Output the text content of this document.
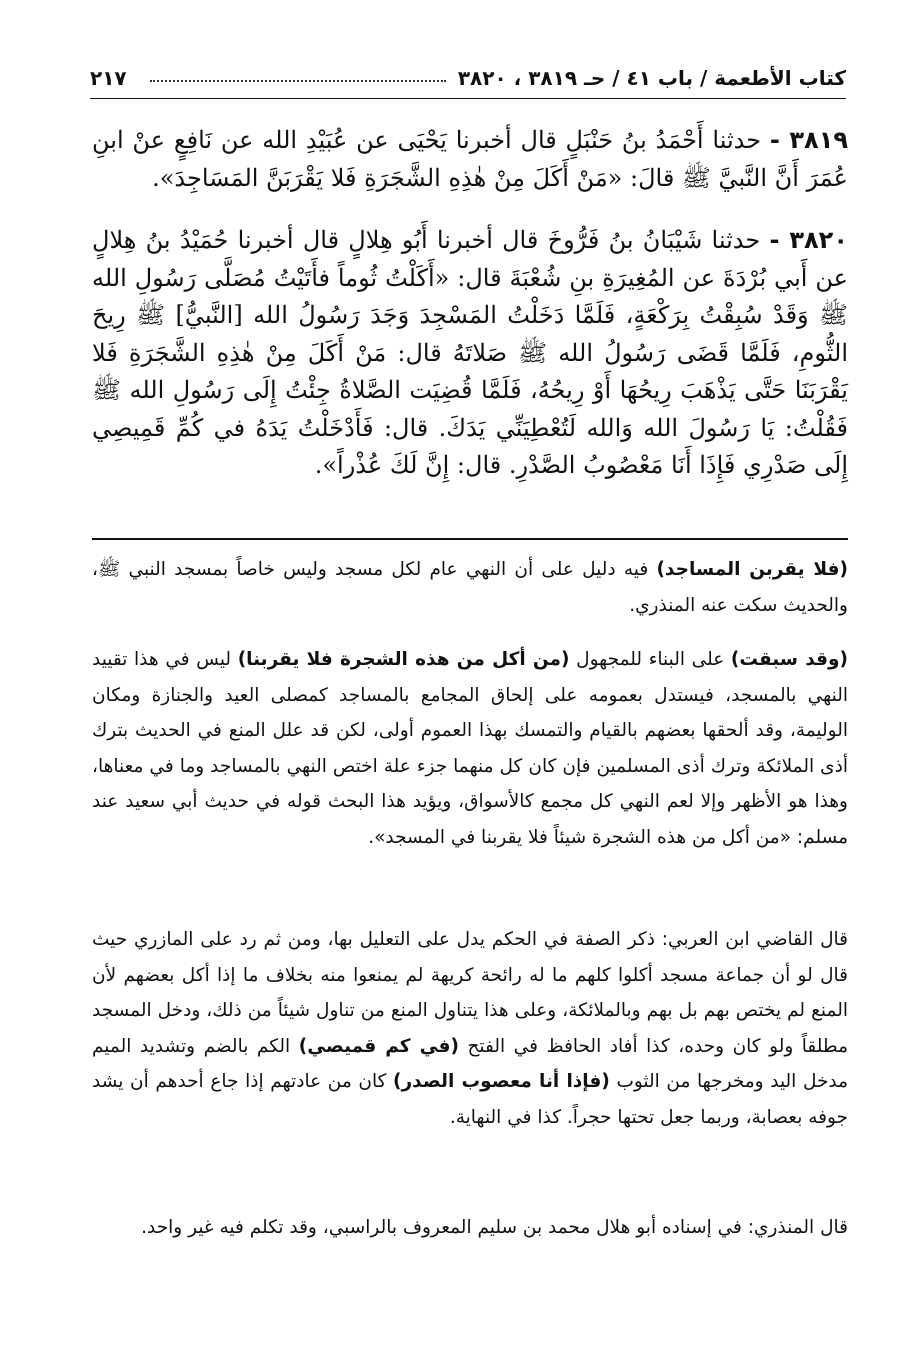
كتاب الأطعمة / باب ٤١ / حـ ٣٨١٩ ، ٣٨٢٠
٢١٧

٣٨١٩ - حدثنا أَحْمَدُ بنُ حَنْبَلٍ قال أخبرنا يَحْيَى عن عُبَيْدِ الله عن نَافِعٍ عنْ ابنِ عُمَرَ أَنَّ النَّبيَّ ﷺ قالَ: «مَنْ أَكَلَ مِنْ هٰذِهِ الشَّجَرَةِ فَلا يَقْرَبَنَّ المَسَاجِدَ».

٣٨٢٠ - حدثنا شَيْبَانُ بنُ فَرُّوخَ قال أخبرنا أَبُو هِلالٍ قال أخبرنا حُمَيْدُ بنُ هِلالٍ عن أَبي بُرْدَةَ عن المُغِيرَةِ بنِ شُعْبَةَ قال: «أَكَلْتُ ثُوماً فأَتَيْتُ مُصَلَّى رَسُولِ الله ﷺ وَقَدْ سُبِقْتُ بِرَكْعَةٍ، فَلَمَّا دَخَلْتُ المَسْجِدَ وَجَدَ رَسُولُ الله [النَّبيُّ] ﷺ رِيحَ الثُّومِ، فَلَمَّا قَضَى رَسُولُ الله ﷺ صَلاتَهُ قال: مَنْ أَكَلَ مِنْ هٰذِهِ الشَّجَرَةِ فَلا يَقْرَبَنَا حَتَّى يَذْهَبَ رِيحُهَا أَوْ رِيحُهُ، فَلَمَّا قُضِيَت الصَّلاةُ جِئْتُ إِلَى رَسُولِ الله ﷺ فَقُلْتُ: يَا رَسُولَ الله وَالله لَتُعْطِيَنِّي يَدَكَ. قال: فَأَدْخَلْتُ يَدَهُ في كُمِّ قَمِيصِي إِلَى صَدْرِي فَإِذَا أَنَا مَعْصُوبُ الصَّدْرِ. قال: إِنَّ لَكَ عُذْراً».

(فلا يقربن المساجد) فيه دليل على أن النهي عام لكل مسجد وليس خاصاً بمسجد النبي ﷺ، والحديث سكت عنه المنذري.

(وقد سبقت) على البناء للمجهول (من أكل من هذه الشجرة فلا يقربنا) ليس في هذا تقييد النهي بالمسجد، فيستدل بعمومه على إلحاق المجامع بالمساجد كمصلى العيد والجنازة ومكان الوليمة، وقد ألحقها بعضهم بالقيام والتمسك بهذا العموم أولى، لكن قد علل المنع في الحديث بترك أذى الملائكة وترك أذى المسلمين فإن كان كل منهما جزء علة اختص النهي بالمساجد وما في معناها، وهذا هو الأظهر وإلا لعم النهي كل مجمع كالأسواق، ويؤيد هذا البحث قوله في حديث أبي سعيد عند مسلم: «من أكل من هذه الشجرة شيئاً فلا يقربنا في المسجد».

قال القاضي ابن العربي: ذكر الصفة في الحكم يدل على التعليل بها، ومن ثم رد على المازري حيث قال لو أن جماعة مسجد أكلوا كلهم ما له رائحة كريهة لم يمنعوا منه بخلاف ما إذا أكل بعضهم لأن المنع لم يختص بهم بل بهم وبالملائكة، وعلى هذا يتناول المنع من تناول شيئاً من ذلك، ودخل المسجد مطلقاً ولو كان وحده، كذا أفاد الحافظ في الفتح (في كم قميصي) الكم بالضم وتشديد الميم مدخل اليد ومخرجها من الثوب (فإذا أنا معصوب الصدر) كان من عادتهم إذا جاع أحدهم أن يشد جوفه بعصابة، وربما جعل تحتها حجراً. كذا في النهاية.

قال المنذري: في إسناده أبو هلال محمد بن سليم المعروف بالراسبي، وقد تكلم فيه غير واحد.
